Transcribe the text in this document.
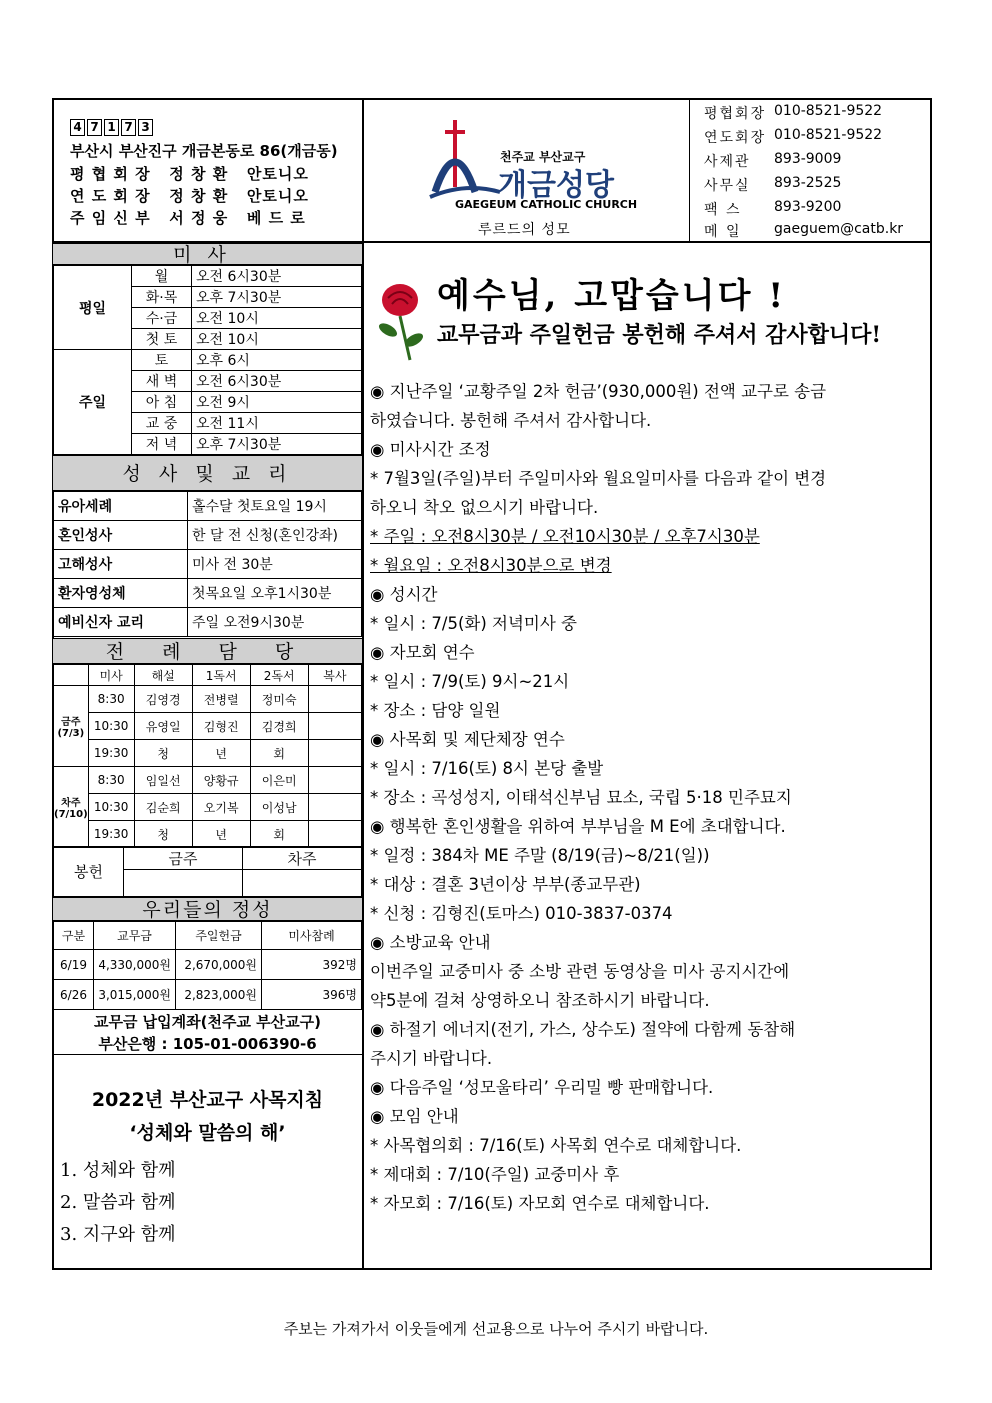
4 7 1 7 3
부산시 부산진구 개금본동로 86(개금동)
평 협 회 장   정 창 환   안토니오
연 도 회 장   정 창 환   안토니오
주 임 신 부   서 정 웅   베 드 로
천주교 부산교구
개금성당
GAEGEUM CATHOLIC CHURCH
루르드의 성모
평협회장 010-8521-9522
연도회장 010-8521-9522
사제관	893-9009
사무실	893-2525
팩 스	893-9200
메 일	gaeguem@catb.kr
미사
평일	월	오전 6시30분
	화·목	오후 7시30분
	수·금	오전 10시
	첫 토	오전 10시
주일	토	오후 6시
	새 벽	오전 6시30분
	아 침	오전 9시
	교 중	오전 11시
	저 녁	오후 7시30분
성 사 및 교 리
유아세례	홀수달 첫토요일 19시
혼인성사	한 달 전 신청(혼인강좌)
고해성사	미사 전 30분
환자영성체	첫목요일 오후1시30분
예비신자 교리	주일 오전9시30분
전 례 담 당
	미사	해설	1독서	2독서	복사
금주 (7/3)	8:30	김영경	전병렬	정미숙	
	10:30	유영일	김형진	김경희	
	19:30	청	년	회	
차주 (7/10)	8:30	임일선	양황규	이은미	
	10:30	김순희	오기복	이성남	
	19:30	청	년	회	
봉헌	금주	차주

우리들의 정성
구분	교무금	주일헌금	미사참례
6/19	4,330,000원	2,670,000원	392명
6/26	3,015,000원	2,823,000원	396명
교무금 납입계좌(천주교 부산교구)
부산은행 : 105-01-006390-6
2022년 부산교구 사목지침
‘성체와 말씀의 해’
1. 성체와 함께
2. 말씀과 함께
3. 지구와 함께
예수님, 고맙습니다 !
교무금과 주일헌금 봉헌해 주셔서 감사합니다!
◉ 지난주일 ‘교황주일 2차 헌금’(930,000원) 전액 교구로 송금
하였습니다. 봉헌해 주셔서 감사합니다.
◉ 미사시간 조정
* 7월3일(주일)부터 주일미사와 월요일미사를 다음과 같이 변경
하오니 착오 없으시기 바랍니다.
* 주일 : 오전8시30분 / 오전10시30분 / 오후7시30분
* 월요일 : 오전8시30분으로 변경
◉ 성시간
* 일시 : 7/5(화) 저녁미사 중
◉ 자모회 연수
* 일시 : 7/9(토) 9시~21시
* 장소 : 담양 일원
◉ 사목회 및 제단체장 연수
* 일시 : 7/16(토) 8시 본당 출발
* 장소 : 곡성성지, 이태석신부님 묘소, 국립 5·18 민주묘지
◉ 행복한 혼인생활을 위하여 부부님을 M E에 초대합니다.
* 일정 : 384차 ME 주말 (8/19(금)~8/21(일))
* 대상 : 결혼 3년이상 부부(종교무관)
* 신청 : 김형진(토마스) 010-3837-0374
◉ 소방교육 안내
이번주일 교중미사 중 소방 관련 동영상을 미사 공지시간에
약5분에 걸쳐 상영하오니 참조하시기 바랍니다.
◉ 하절기 에너지(전기, 가스, 상수도) 절약에 다함께 동참해
주시기 바랍니다.
◉ 다음주일 ‘성모울타리’ 우리밀 빵 판매합니다.
◉ 모임 안내
* 사목협의회 : 7/16(토) 사목회 연수로 대체합니다.
* 제대회 : 7/10(주일) 교중미사 후
* 자모회 : 7/16(토) 자모회 연수로 대체합니다.
주보는 가져가서 이웃들에게 선교용으로 나누어 주시기 바랍니다.
